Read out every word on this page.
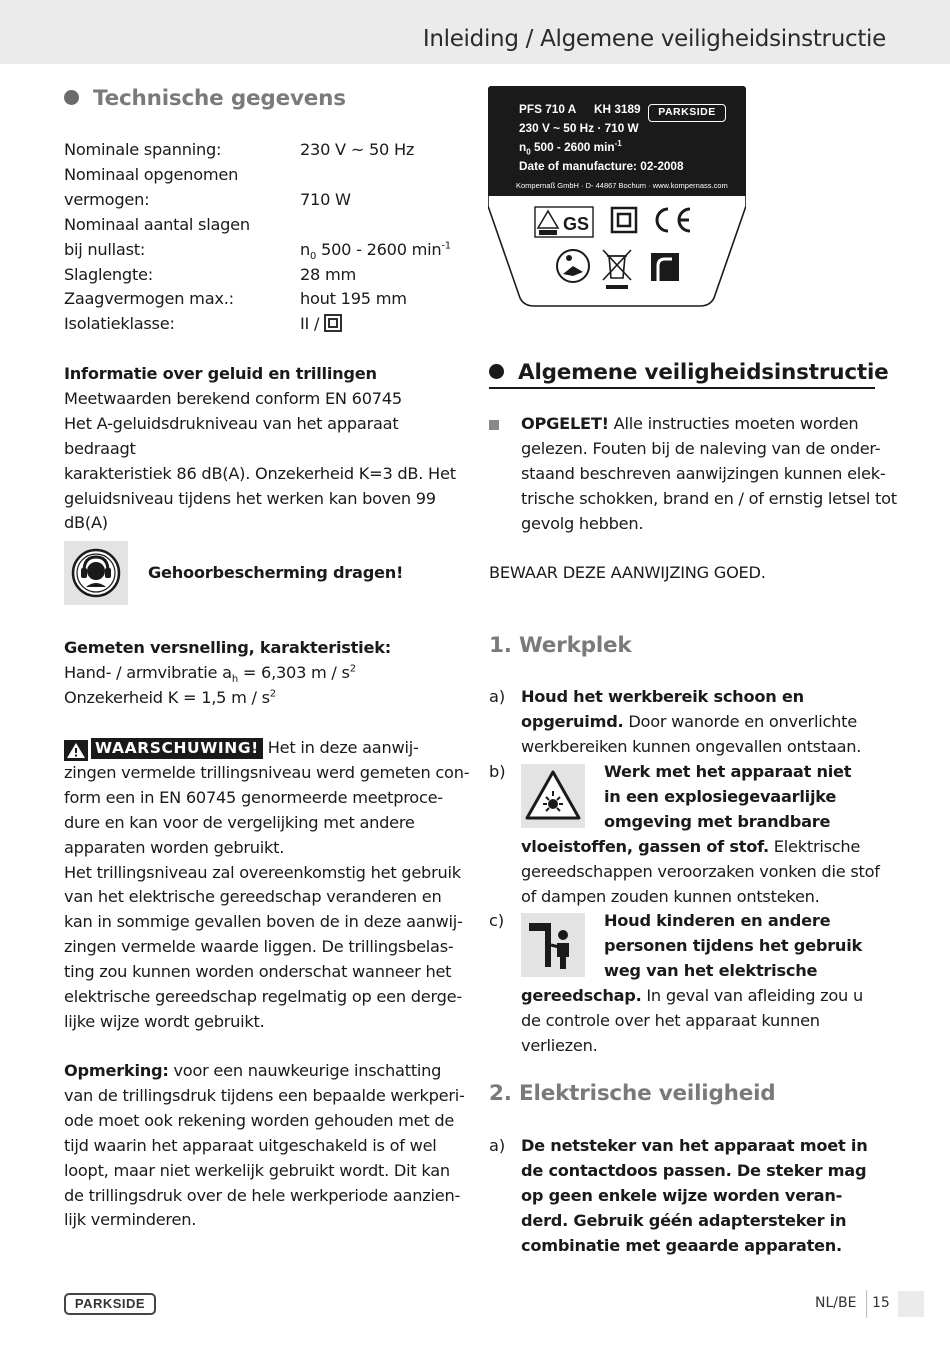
Inleiding / Algemene veiligheidsinstructie
Technische gegevens
Nominale spanning:	230 V ~ 50 Hz
Nominaal opgenomen	
vermogen:	710 W
Nominaal aantal slagen	
bij nullast:	$n_0$ 500 - 2600 $\min^{-1}$
Slaglengte:	28 mm
Zaagvermogen max.:	hout 195 mm
Isolatieklasse:	II /
PFS 710 A KH 3189	PARKSIDE
230 V ~ 50 Hz · 710 W
$n_0$ 500 - 2600 $\min^{-1}$
Date of manufacture: 02-2008
Kompernaß GmbH · D- 44867 Bochum · www.kompernass.com
GS

Informatie over geluid en trillingen

Meetwaarden berekend conform EN 60745

Het A-geluidsdrukniveau van het apparaat bedraagt

karakteristiek 86 dB(A). Onzekerheid K=3 dB. Het

geluidsniveau tijdens het werken kan boven 99 dB(A)

Gehoorbescherming dragen!

Gemeten versnelling, karakteristiek:

Hand- / armvibratie $a_h = 6,303$ m / $s^2$

Onzekerheid K = 1,5 m / $s^2$

WAARSCHUWING! Het in deze aanwij-

zingen vermelde trillingsniveau werd gemeten con-

form een in EN 60745 genormeerde meetproce-

dure en kan voor de vergelijking met andere

apparaten worden gebruikt.

Het trillingsniveau zal overeenkomstig het gebruik

van het elektrische gereedschap veranderen en

kan in sommige gevallen boven de in deze aanwij-

zingen vermelde waarde liggen. De trillingsbelas-

ting zou kunnen worden onderschat wanneer het

elektrische gereedschap regelmatig op een derge-

lijke wijze wordt gebruikt.

Opmerking: voor een nauwkeurige inschatting

van de trillingsdruk tijdens een bepaalde werkperi-

ode moet ook rekening worden gehouden met de

tijd waarin het apparaat uitgeschakeld is of wel

loopt, maar niet werkelijk gebruikt wordt. Dit kan

de trillingsdruk over de hele werkperiode aanzien-

lijk verminderen.

Algemene veiligheidsinstructie

OPGELET! Alle instructies moeten worden

gelezen. Fouten bij de naleving van de onder-

staand beschreven aanwijzingen kunnen elek-

trische schokken, brand en / of ernstig letsel tot

gevolg hebben.

BEWAAR DEZE AANWIJZING GOED.

1. Werkplek
a) Houd het werkbereik schoon en

opgeruimd. Door wanorde en onverlichte

werkbereiken kunnen ongevallen ontstaan.

b)	Werk met het apparaat niet

in een explosiegevaarlijke

omgeving met brandbare

vloeistoffen, gassen of stof. Elektrische

gereedschappen veroorzaken vonken die stof

of dampen zouden kunnen ontsteken.

c)	Houd kinderen en andere

personen tijdens het gebruik

weg van het elektrische

gereedschap. In geval van afleiding zou u

de controle over het apparaat kunnen verliezen.

2. Elektrische veiligheid
a) De netsteker van het apparaat moet in

de contactdoos passen. De steker mag

op geen enkele wijze worden veran-

derd. Gebruik géén adaptersteker in

combinatie met geaarde apparaten.

PARKSIDE	NL/BE 15
